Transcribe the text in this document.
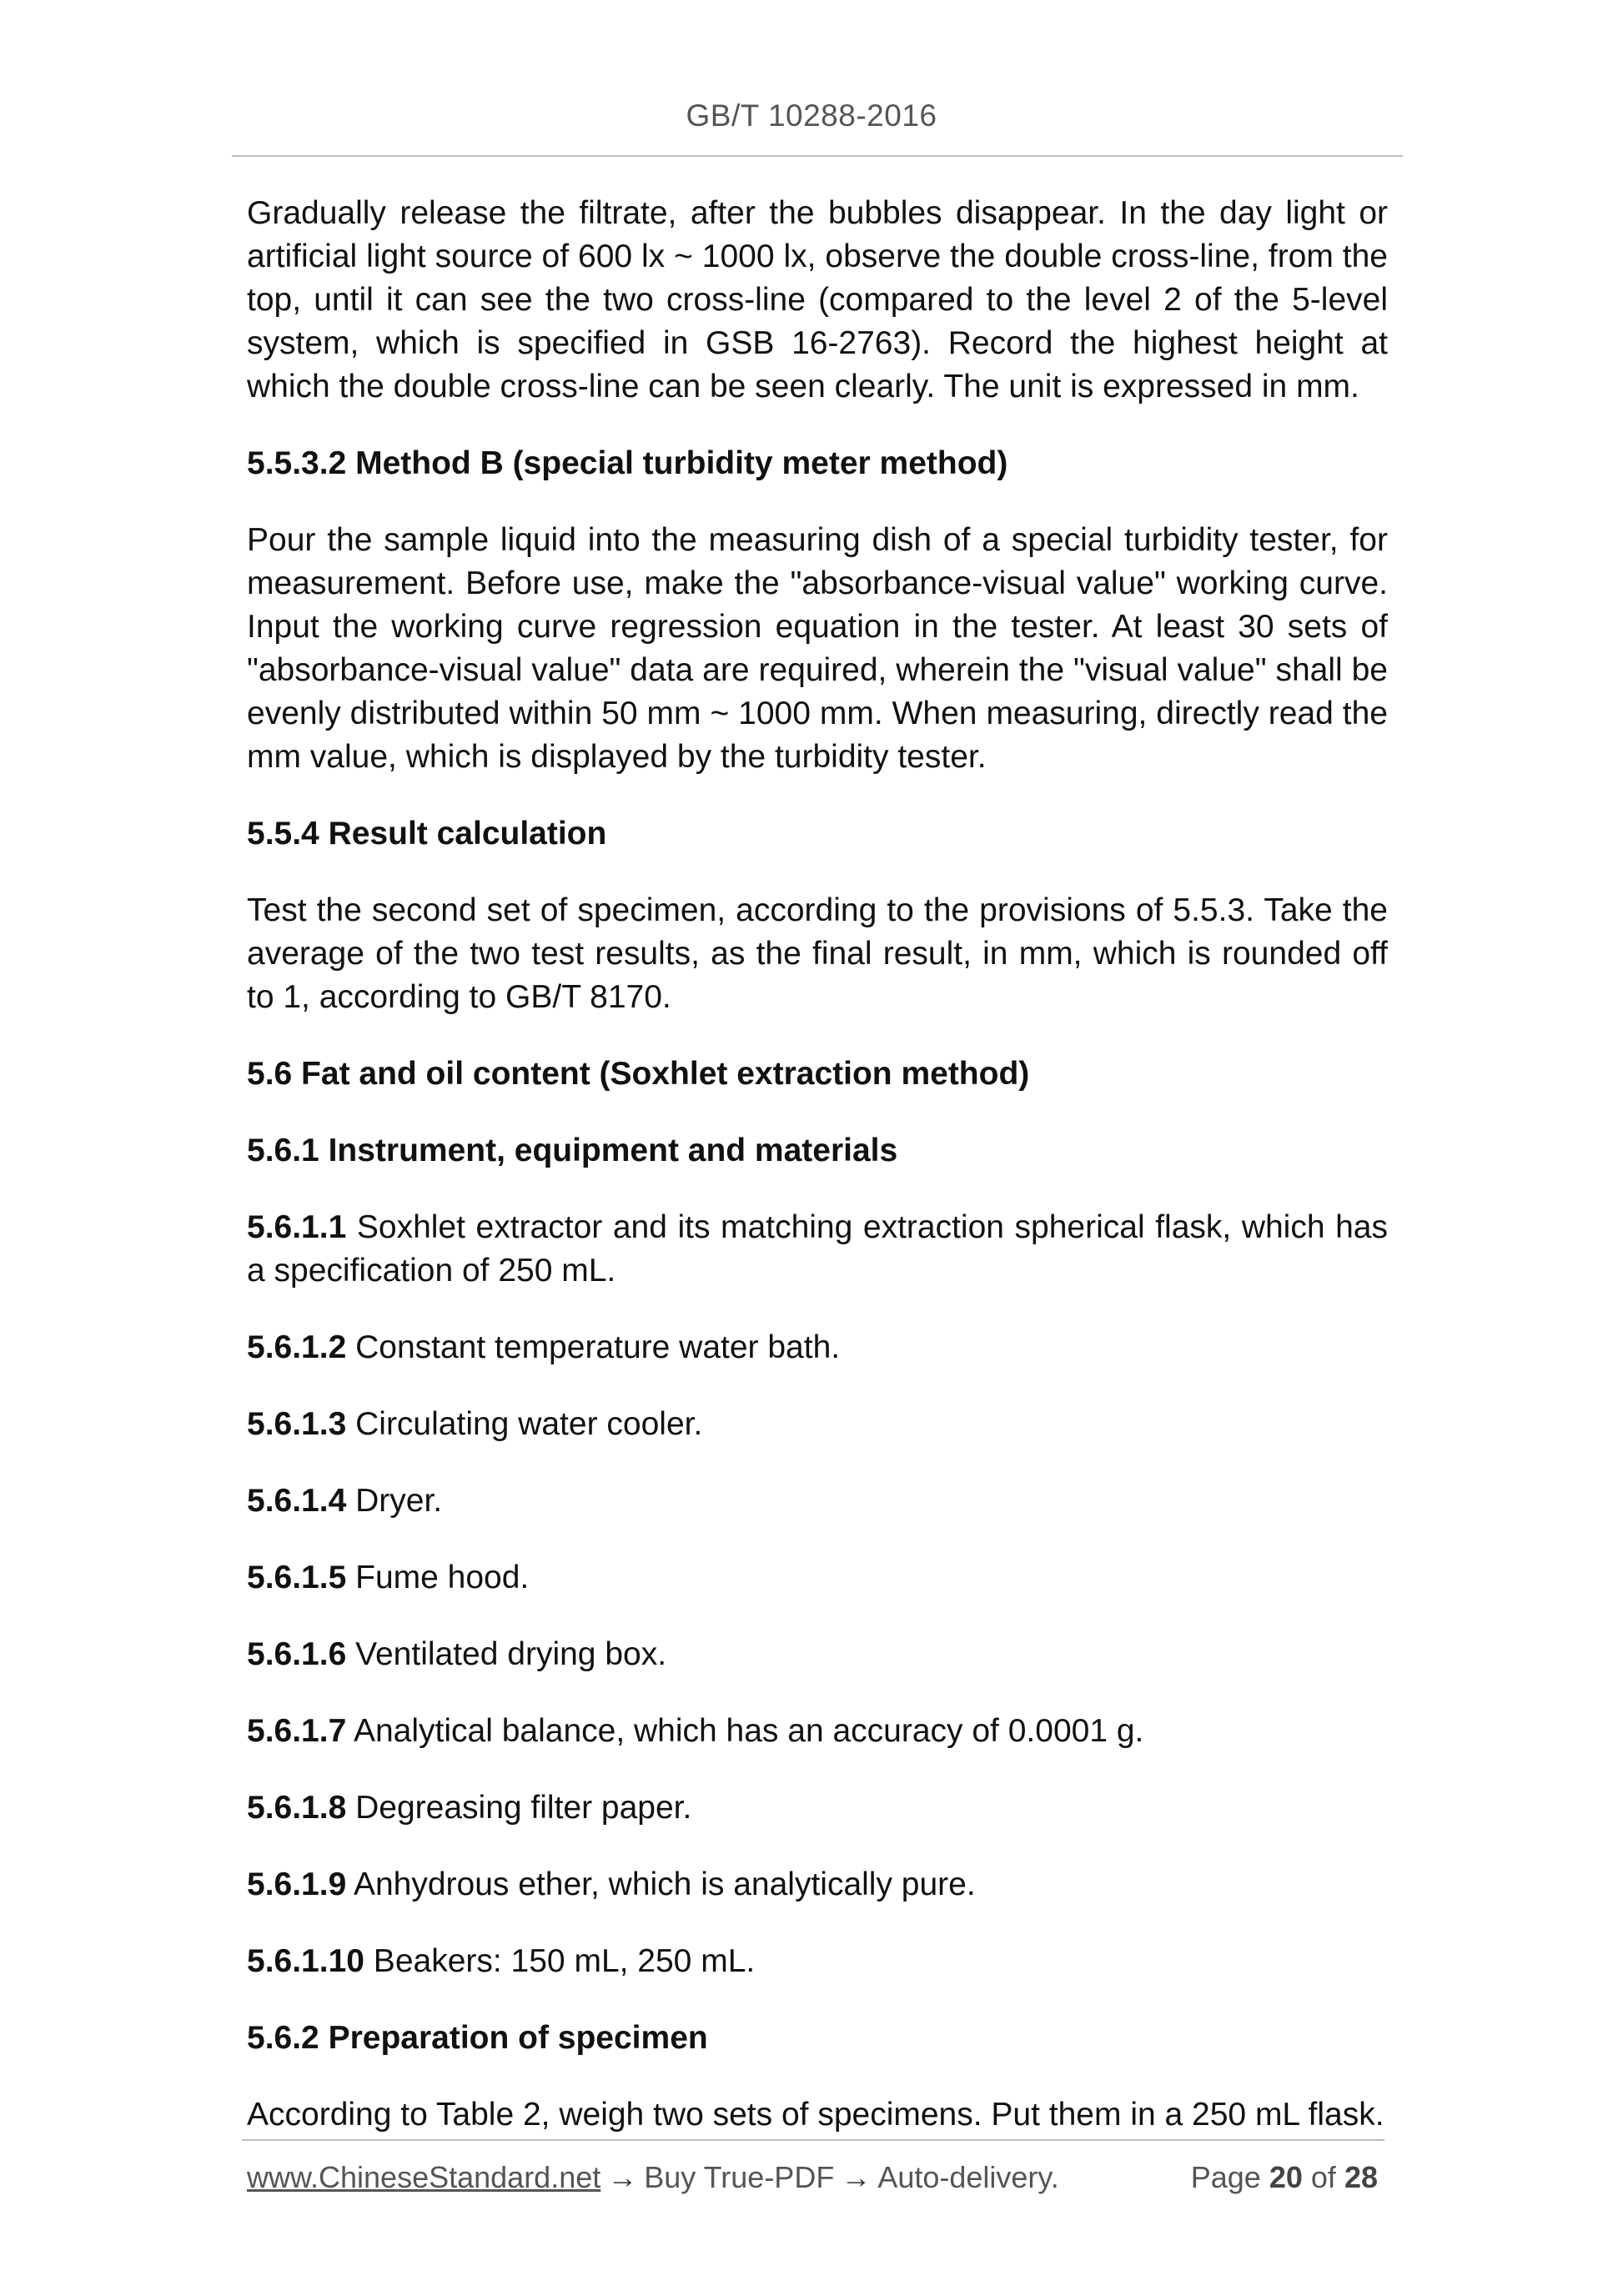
GB/T 10288-2016

Gradually release the filtrate, after the bubbles disappear. In the day light or artificial light source of 600 lx ~ 1000 lx, observe the double cross-line, from the top, until it can see the two cross-line (compared to the level 2 of the 5-level system, which is specified in GSB 16-2763). Record the highest height at which the double cross-line can be seen clearly. The unit is expressed in mm.

5.5.3.2 Method B (special turbidity meter method)

Pour the sample liquid into the measuring dish of a special turbidity tester, for measurement. Before use, make the "absorbance-visual value" working curve. Input the working curve regression equation in the tester. At least 30 sets of "absorbance-visual value" data are required, wherein the "visual value" shall be evenly distributed within 50 mm ~ 1000 mm. When measuring, directly read the mm value, which is displayed by the turbidity tester.

5.5.4 Result calculation

Test the second set of specimen, according to the provisions of 5.5.3. Take the average of the two test results, as the final result, in mm, which is rounded off to 1, according to GB/T 8170.

5.6 Fat and oil content (Soxhlet extraction method)
5.6.1 Instrument, equipment and materials
5.6.1.1 Soxhlet extractor and its matching extraction spherical flask, which has a specification of 250 mL.
5.6.1.2 Constant temperature water bath.
5.6.1.3 Circulating water cooler.
5.6.1.4 Dryer.
5.6.1.5 Fume hood.
5.6.1.6 Ventilated drying box.
5.6.1.7 Analytical balance, which has an accuracy of 0.0001 g.
5.6.1.8 Degreasing filter paper.
5.6.1.9 Anhydrous ether, which is analytically pure.
5.6.1.10 Beakers: 150 mL, 250 mL.
5.6.2 Preparation of specimen

According to Table 2, weigh two sets of specimens. Put them in a 250 mL flask.

www.ChineseStandard.net → Buy True-PDF → Auto-delivery.	Page 20 of 28
